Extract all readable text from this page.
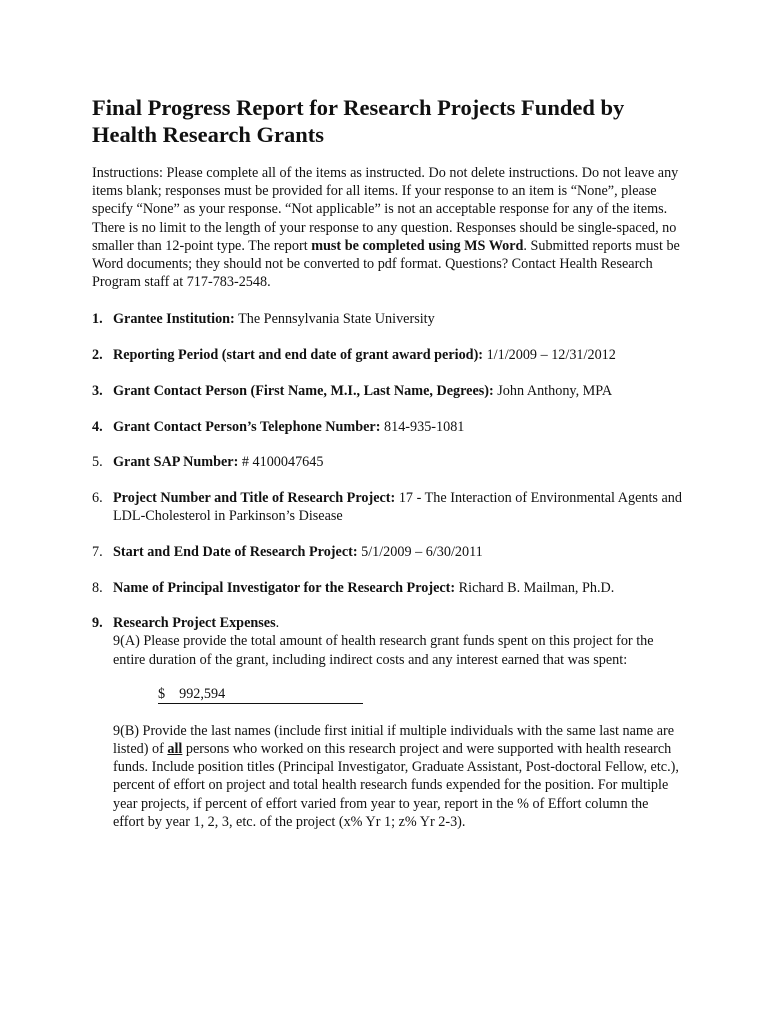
Final Progress Report for Research Projects Funded by Health Research Grants

Instructions: Please complete all of the items as instructed. Do not delete instructions. Do not leave any items blank; responses must be provided for all items. If your response to an item is “None”, please specify “None” as your response. “Not applicable” is not an acceptable response for any of the items. There is no limit to the length of your response to any question. Responses should be single-spaced, no smaller than 12-point type. The report must be completed using MS Word. Submitted reports must be Word documents; they should not be converted to pdf format. Questions? Contact Health Research Program staff at 717-783-2548.

1. Grantee Institution: The Pennsylvania State University
2. Reporting Period (start and end date of grant award period): 1/1/2009 – 12/31/2012
3. Grant Contact Person (First Name, M.I., Last Name, Degrees): John Anthony, MPA
4. Grant Contact Person’s Telephone Number: 814-935-1081
5. Grant SAP Number: # 4100047645
6. Project Number and Title of Research Project: 17 - The Interaction of Environmental Agents and LDL-Cholesterol in Parkinson’s Disease
7. Start and End Date of Research Project: 5/1/2009 – 6/30/2011
8. Name of Principal Investigator for the Research Project: Richard B. Mailman, Ph.D.
9. Research Project Expenses.

9(A) Please provide the total amount of health research grant funds spent on this project for the entire duration of the grant, including indirect costs and any interest earned that was spent:

$ 992,594

9(B) Provide the last names (include first initial if multiple individuals with the same last name are listed) of all persons who worked on this research project and were supported with health research funds. Include position titles (Principal Investigator, Graduate Assistant, Post-doctoral Fellow, etc.), percent of effort on project and total health research funds expended for the position. For multiple year projects, if percent of effort varied from year to year, report in the % of Effort column the effort by year 1, 2, 3, etc. of the project (x% Yr 1; z% Yr 2-3).
